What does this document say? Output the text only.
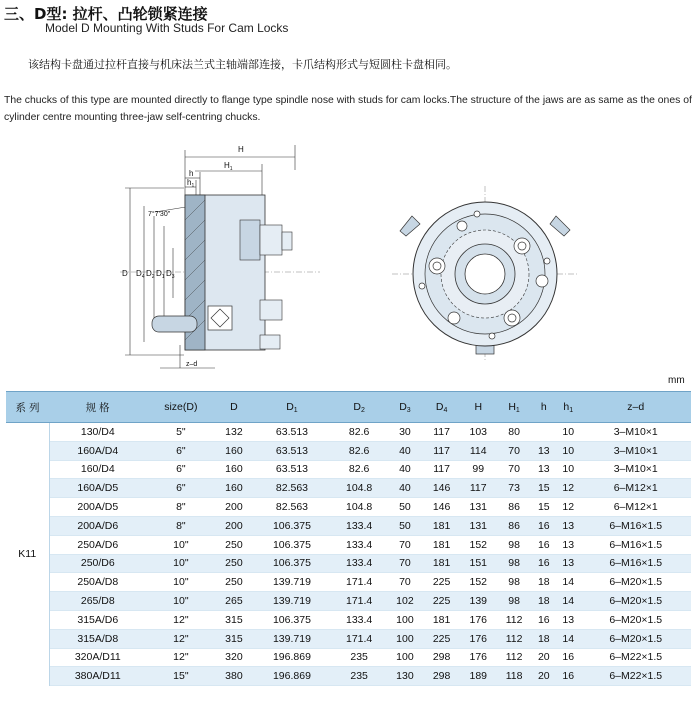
三、D型: 拉杆、凸轮锁紧连接
Model D Mounting With Studs For Cam Locks
该结构卡盘通过拉杆直接与机床法兰式主轴端部连接，卡爪结构形式与短圆柱卡盘相同。
The chucks of this type are mounted directly to flange type spindle nose with studs for cam locks.The structure of the jaws are as same as the ones of cylinder centre mounting three-jaw self-centring chucks.
H
$H_1$
h
$h_1$
7°7'30"
D $D_4$ $D_2$ $D_1$ $D_3$
z–d
mm
系 列	规 格	size(D)	D	$D_1$	$D_2$	$D_3$	$D_4$	H	$H_1$	h	$h_1$	z–d
K11	130/D4	5"	132	63.513	82.6	30	117	103	80		10	3–M10×1
	160A/D4	6"	160	63.513	82.6	40	117	114	70	13	10	3–M10×1
	160/D4	6"	160	63.513	82.6	40	117	99	70	13	10	3–M10×1
	160A/D5	6"	160	82.563	104.8	40	146	117	73	15	12	6–M12×1
	200A/D5	8"	200	82.563	104.8	50	146	131	86	15	12	6–M12×1
	200A/D6	8"	200	106.375	133.4	50	181	131	86	16	13	6–M16×1.5
	250A/D6	10"	250	106.375	133.4	70	181	152	98	16	13	6–M16×1.5
	250/D6	10"	250	106.375	133.4	70	181	151	98	16	13	6–M16×1.5
	250A/D8	10"	250	139.719	171.4	70	225	152	98	18	14	6–M20×1.5
	265/D8	10"	265	139.719	171.4	102	225	139	98	18	14	6–M20×1.5
	315A/D6	12"	315	106.375	133.4	100	181	176	112	16	13	6–M20×1.5
	315A/D8	12"	315	139.719	171.4	100	225	176	112	18	14	6–M20×1.5
	320A/D11	12"	320	196.869	235	100	298	176	112	20	16	6–M22×1.5
	380A/D11	15"	380	196.869	235	130	298	189	118	20	16	6–M22×1.5
